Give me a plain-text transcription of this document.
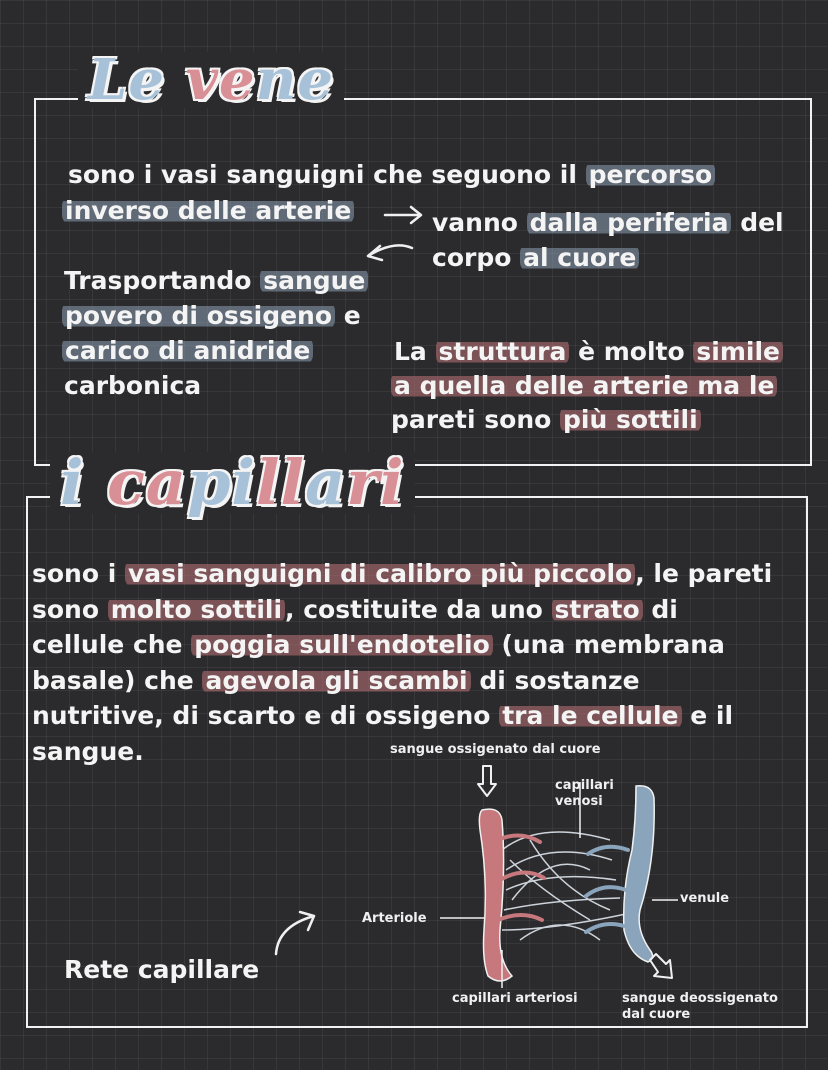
Le vene
sono i vasi sanguigni che seguono il percorso
inverso delle arterie	vanno dalla periferia del
corpo al cuore
Trasportando sangue
povero di ossigeno e
carico di anidride
carbonica
La struttura è molto simile
a quella delle arterie ma le
pareti sono più sottili
i capillari
sono i vasi sanguigni di calibro più piccolo , le pareti
sono molto sottili , costituite da uno strato di
cellule che poggia sull'endotelio (una membrana
basale) che agevola gli scambi di sostanze
nutritive, di scarto e di ossigeno tra le cellule e il
sangue.	sangue ossigenato dal cuore
capillari
venosi
venule
Arteriole
capillari arteriosi	sangue deossigenato
dal cuore
Rete capillare
